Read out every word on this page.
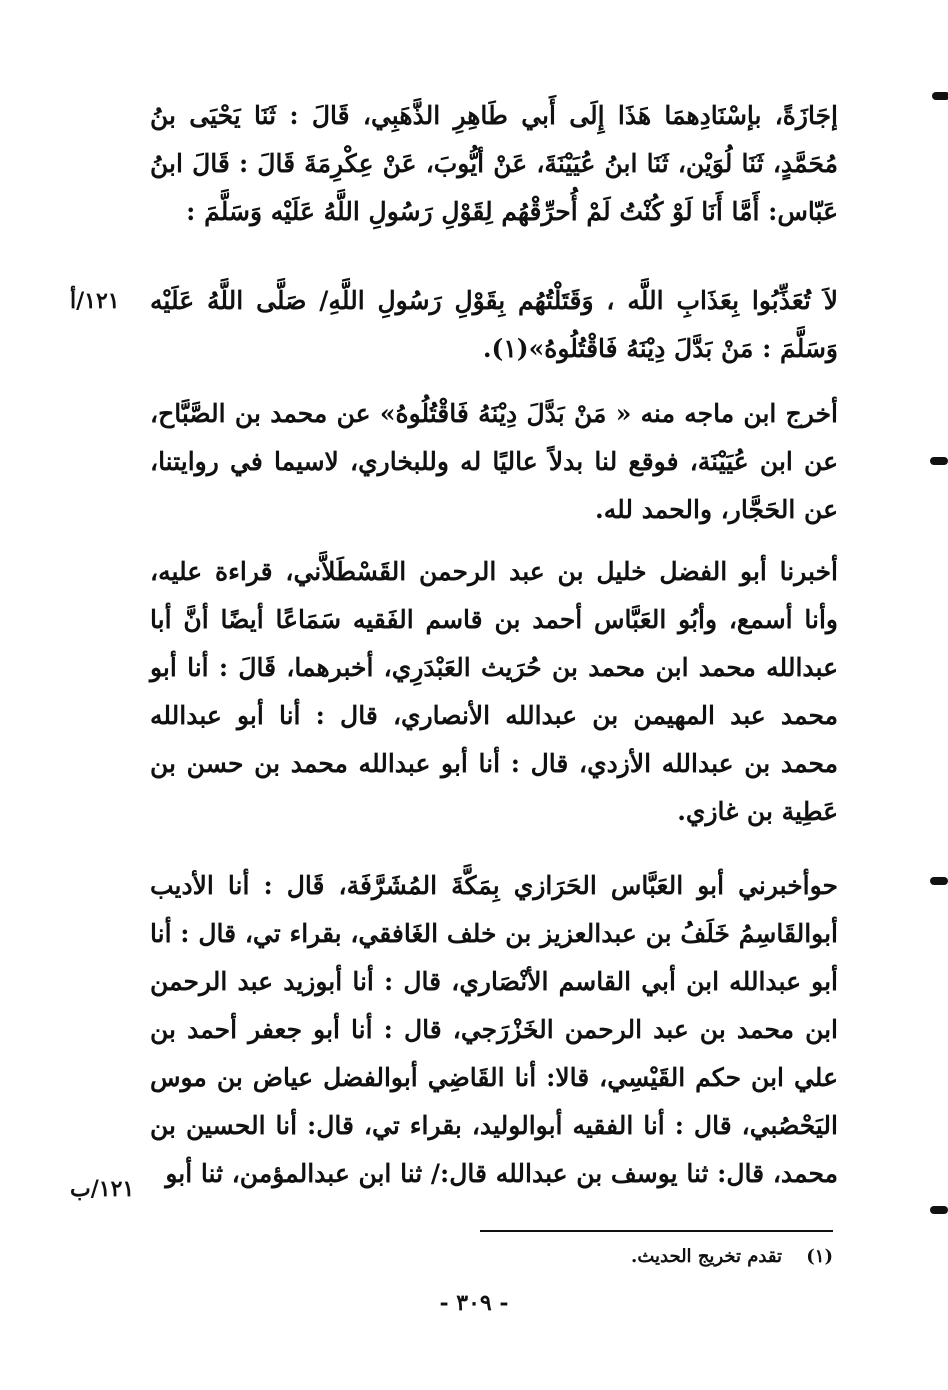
إجَازَةً، بإسْنَادِهمَا هَذَا إِلَى أَبي طَاهِرِ الذَّهَبِي، قَالَ : ثَنَا يَحْيَى بنُ مُحَمَّدٍ، ثَنَا لُوَيْن، ثَنَا ابنُ عُيَيْنَةَ، عَنْ أيُّوبَ، عَنْ عِكْرِمَةَ قَالَ : قَالَ ابنُ عَبّاس: أَمَّا أَنَا لَوْ كُنْتُ لَمْ أُحرِّقْهُم لِقَوْلِ رَسُولِ اللَّهُ عَلَيْه وَسَلَّمَ :

لاَ تُعَذِّبُوا بِعَذَابِ اللَّه ، وَقَتَلْتُهُم بِقَوْلِ رَسُولِ اللَّهِ/ صَلَّى اللَّهُ عَلَيْه وَسَلَّمَ : مَنْ بَدَّلَ دِيْنَهُ فَاقْتُلُوهُ»(١).

١٢١/أ

أخرج ابن ماجه منه « مَنْ بَدَّلَ دِيْنَهُ فَاقْتُلُوهُ» عن محمد بن الصَّبَّاح، عن ابن عُيَيْنَة، فوقع لنا بدلاً عاليًا له وللبخاري، لاسيما في روايتنا، عن الحَجَّار، والحمد لله.

أخبرنا أبو الفضل خليل بن عبد الرحمن القَسْطَلاَّني، قراءة عليه، وأنا أسمع، وأبُو العَبَّاس أحمد بن قاسم الفَقيه سَمَاعًا أيضًا أنَّ أبا عبدالله محمد ابن محمد بن حُرَيث العَبْدَرِي، أخبرهما، قَالَ : أنا أبو محمد عبد المهيمن بن عبدالله الأنصاري، قال : أنا أبو عبدالله محمد بن عبدالله الأزدي، قال : أنا أبو عبدالله محمد بن حسن بن عَطِية بن غازي.

حوأخبرني أبو العَبَّاس الحَرَازي بِمَكَّةَ المُشَرَّفَة، قَال : أنا الأديب أبوالقَاسِمُ خَلَفُ بن عبدالعزيز بن خلف الغَافقي، بقراء تي، قال : أنا أبو عبدالله ابن أبي القاسم الأنْصَاري، قال : أنا أبوزيد عبد الرحمن ابن محمد بن عبد الرحمن الخَزْرَجي، قال : أنا أبو جعفر أحمد بن علي ابن حكم القَيْسِي، قالا: أنا القَاضِي أبوالفضل عياض بن موس اليَحْصُبي، قال : أنا الفقيه أبوالوليد، بقراء تي، قال: أنا الحسين بن محمد، قال: ثنا يوسف بن عبدالله قال:/ ثنا ابن عبدالمؤمن، ثنا أبو

١٢١/ب
(١) تقدم تخريج الحديث.
- ٣٠٩ -
